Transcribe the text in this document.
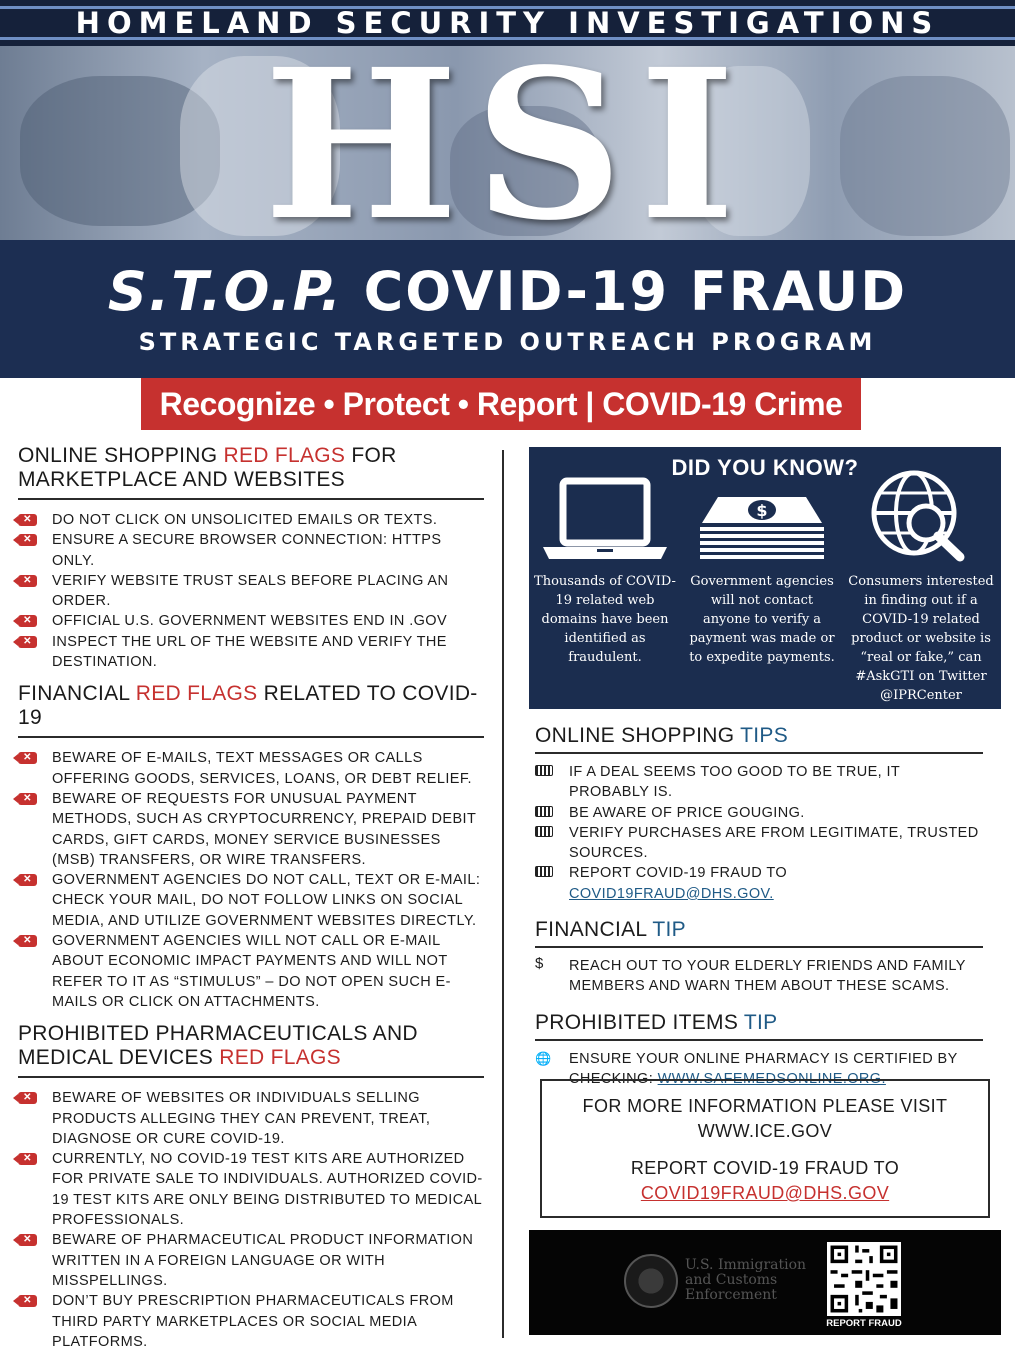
HOMELAND SECURITY INVESTIGATIONS
HSI
S.T.O.P. COVID-19 FRAUD
STRATEGIC TARGETED OUTREACH PROGRAM
Recognize • Protect • Report | COVID-19 Crime
ONLINE SHOPPING RED FLAGS FOR MARKETPLACE AND WEBSITES
✕	DO NOT CLICK ON UNSOLICITED EMAILS OR TEXTS.
✕	ENSURE A SECURE BROWSER CONNECTION: HTTPS ONLY.
✕	VERIFY WEBSITE TRUST SEALS BEFORE PLACING AN ORDER.
✕	OFFICIAL U.S. GOVERNMENT WEBSITES END IN .GOV
✕	INSPECT THE URL OF THE WEBSITE AND VERIFY THE DESTINATION.
FINANCIAL RED FLAGS RELATED TO COVID-19
✕	BEWARE OF E-MAILS, TEXT MESSAGES OR CALLS OFFERING GOODS, SERVICES, LOANS, OR DEBT RELIEF.
✕	BEWARE OF REQUESTS FOR UNUSUAL PAYMENT METHODS, SUCH AS CRYPTOCURRENCY, PREPAID DEBIT CARDS, GIFT CARDS, MONEY SERVICE BUSINESSES (MSB) TRANSFERS, OR WIRE TRANSFERS.
✕	GOVERNMENT AGENCIES DO NOT CALL, TEXT OR E-MAIL: CHECK YOUR MAIL, DO NOT FOLLOW LINKS ON SOCIAL MEDIA, AND UTILIZE GOVERNMENT WEBSITES DIRECTLY.
✕	GOVERNMENT AGENCIES WILL NOT CALL OR E-MAIL ABOUT ECONOMIC IMPACT PAYMENTS AND WILL NOT REFER TO IT AS “STIMULUS” – DO NOT OPEN SUCH E-MAILS OR CLICK ON ATTACHMENTS.
PROHIBITED PHARMACEUTICALS AND MEDICAL DEVICES RED FLAGS
✕	BEWARE OF WEBSITES OR INDIVIDUALS SELLING PRODUCTS ALLEGING THEY CAN PREVENT, TREAT, DIAGNOSE OR CURE COVID-19.
✕	CURRENTLY, NO COVID-19 TEST KITS ARE AUTHORIZED FOR PRIVATE SALE TO INDIVIDUALS. AUTHORIZED COVID-19 TEST KITS ARE ONLY BEING DISTRIBUTED TO MEDICAL PROFESSIONALS.
✕	BEWARE OF PHARMACEUTICAL PRODUCT INFORMATION WRITTEN IN A FOREIGN LANGUAGE OR WITH MISSPELLINGS.
✕	DON’T BUY PRESCRIPTION PHARMACEUTICALS FROM THIRD PARTY MARKETPLACES OR SOCIAL MEDIA PLATFORMS.
DID YOU KNOW?
$
Thousands of COVID-19 related web domains have been identified as fraudulent.
Government agencies will not contact anyone to verify a payment was made or to expedite payments.
Consumers interested in finding out if a COVID-19 related product or website is “real or fake,” can #AskGTI on Twitter @IPRCenter
ONLINE SHOPPING TIPS
IF A DEAL SEEMS TOO GOOD TO BE TRUE, IT PROBABLY IS.
BE AWARE OF PRICE GOUGING.
VERIFY PURCHASES ARE FROM LEGITIMATE, TRUSTED SOURCES.
REPORT COVID-19 FRAUD TO COVID19FRAUD@DHS.GOV.
FINANCIAL TIP
$ REACH OUT TO YOUR ELDERLY FRIENDS AND FAMILY MEMBERS AND WARN THEM ABOUT THESE SCAMS.
PROHIBITED ITEMS TIP
🌐 ENSURE YOUR ONLINE PHARMACY IS CERTIFIED BY CHECKING: WWW.SAFEMEDSONLINE.ORG.
FOR MORE INFORMATION PLEASE VISIT
WWW.ICE.GOV
REPORT COVID-19 FRAUD TO
COVID19FRAUD@DHS.GOV
U.S. Immigration
and Customs
Enforcement
REPORT FRAUD
